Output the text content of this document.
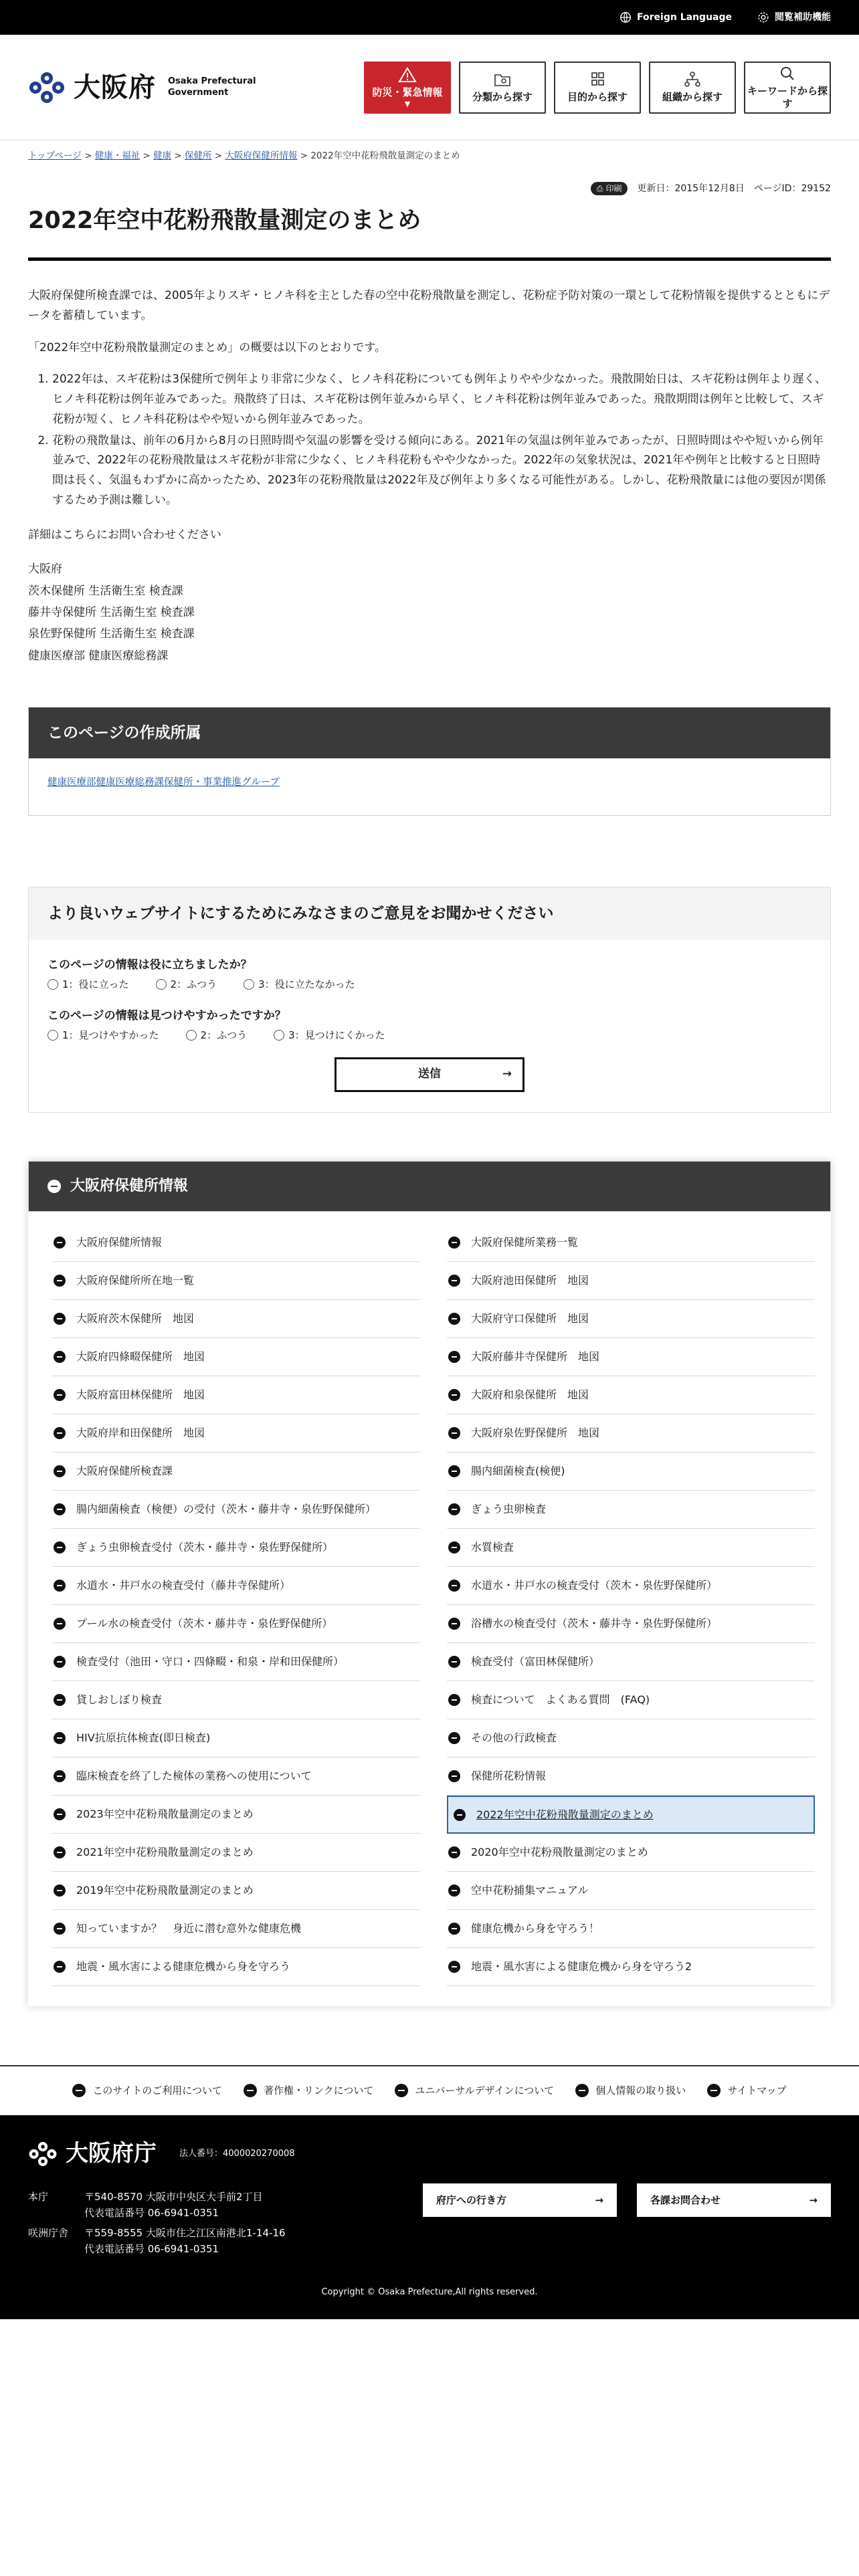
Foreign Language	閲覧補助機能
大阪府 Osaka Prefectural
Government	防災・緊急情報
▼
分類から探す	目的から探す	組織から探す
キーワードから探す
トップページ > 健康・福祉 > 健康 > 保健所 > 大阪府保健所情報 > 2022年空中花粉飛散量測定のまとめ
⎙ 印刷 更新日：2015年12月8日 ページID：29152
2022年空中花粉飛散量測定のまとめ

大阪府保健所検査課では、2005年よりスギ・ヒノキ科を主とした春の空中花粉飛散量を測定し、花粉症予防対策の一環として花粉情報を提供するとともにデータを蓄積しています。

「2022年空中花粉飛散量測定のまとめ」の概要は以下のとおりです。

1. 2022年は、スギ花粉は3保健所で例年より非常に少なく、ヒノキ科花粉についても例年よりやや少なかった。飛散開始日は、スギ花粉は例年より遅く、ヒノキ科花粉は例年並みであった。飛散終了日は、スギ花粉は例年並みから早く、ヒノキ科花粉は例年並みであった。飛散期間は例年と比較して、スギ花粉が短く、ヒノキ科花粉はやや短いから例年並みであった。
2. 花粉の飛散量は、前年の6月から8月の日照時間や気温の影響を受ける傾向にある。2021年の気温は例年並みであったが、日照時間はやや短いから例年並みで、2022年の花粉飛散量はスギ花粉が非常に少なく、ヒノキ科花粉もやや少なかった。2022年の気象状況は、2021年や例年と比較すると日照時間は長く、気温もわずかに高かったため、2023年の花粉飛散量は2022年及び例年より多くなる可能性がある。しかし、花粉飛散量には他の要因が関係するため予測は難しい。

詳細はこちらにお問い合わせください

大阪府
茨木保健所 生活衛生室 検査課
藤井寺保健所 生活衛生室 検査課
泉佐野保健所 生活衛生室 検査課
健康医療部 健康医療総務課
このページの作成所属
健康医療部健康医療総務課保健所・事業推進グループ
より良いウェブサイトにするためにみなさまのご意見をお聞かせください
このページの情報は役に立ちましたか？
1：役に立った	2：ふつう	3：役に立たなかった
このページの情報は見つけやすかったですか？
1：見つけやすかった	2：ふつう	3：見つけにくかった
送信	→
大阪府保健所情報
大阪府保健所情報	大阪府保健所業務一覧
大阪府保健所所在地一覧	大阪府池田保健所　地図
大阪府茨木保健所　地図	大阪府守口保健所　地図
大阪府四條畷保健所　地図	大阪府藤井寺保健所　地図
大阪府富田林保健所　地図	大阪府和泉保健所　地図
大阪府岸和田保健所　地図	大阪府泉佐野保健所　地図
大阪府保健所検査課	腸内細菌検査(検便)
腸内細菌検査（検便）の受付（茨木・藤井寺・泉佐野保健所）	ぎょう虫卵検査
ぎょう虫卵検査受付（茨木・藤井寺・泉佐野保健所）	水質検査
水道水・井戸水の検査受付（藤井寺保健所）	水道水・井戸水の検査受付（茨木・泉佐野保健所）
プール水の検査受付（茨木・藤井寺・泉佐野保健所）	浴槽水の検査受付（茨木・藤井寺・泉佐野保健所）
検査受付（池田・守口・四條畷・和泉・岸和田保健所）	検査受付（富田林保健所）
貸しおしぼり検査	検査について　よくある質問　(FAQ)
HIV抗原抗体検査(即日検査)	その他の行政検査
臨床検査を終了した検体の業務への使用について	保健所花粉情報
2023年空中花粉飛散量測定のまとめ	2022年空中花粉飛散量測定のまとめ
2021年空中花粉飛散量測定のまとめ	2020年空中花粉飛散量測定のまとめ
2019年空中花粉飛散量測定のまとめ	空中花粉捕集マニュアル
知っていますか？　身近に潜む意外な健康危機	健康危機から身を守ろう！
地震・風水害による健康危機から身を守ろう	地震・風水害による健康危機から身を守ろう2
このサイトのご利用について	著作権・リンクについて	ユニバーサルデザインについて	個人情報の取り扱い	サイトマップ
大阪府庁	法人番号：4000020270008
本庁	〒540-8570 大阪市中央区大手前2丁目
代表電話番号 06-6941-0351
咲洲庁舎	〒559-8555 大阪市住之江区南港北1-14-16
代表電話番号 06-6941-0351
府庁への行き方	→	各課お問合わせ	→
Copyright © Osaka Prefecture,All rights reserved.
